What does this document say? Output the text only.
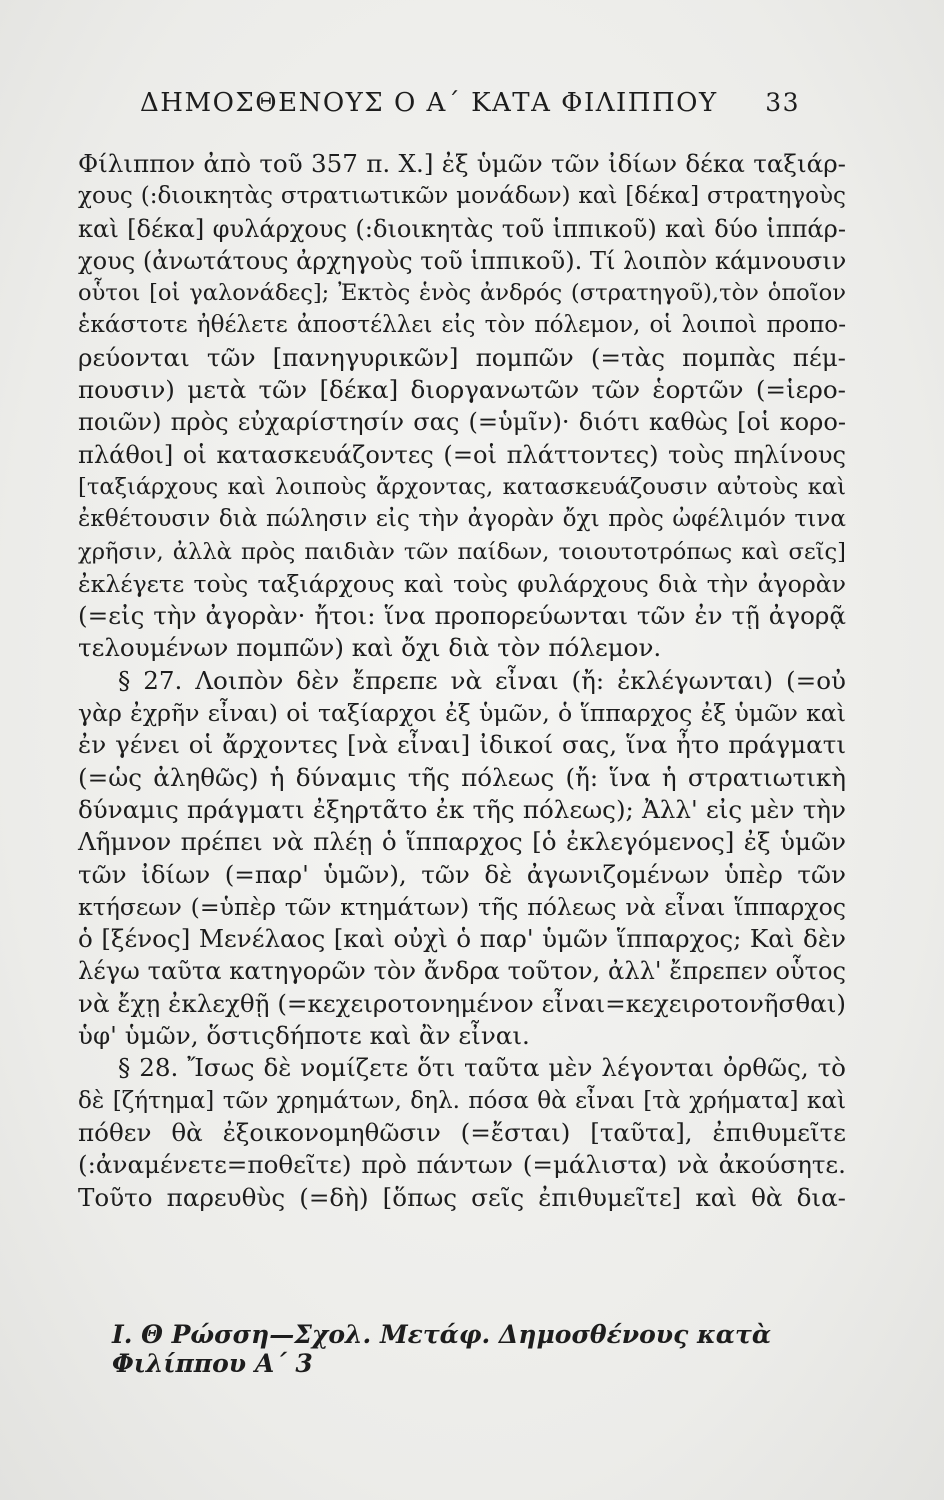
ΔΗΜΟΣΘΕΝΟΥΣ Ο Α΄ ΚΑΤΑ ΦΙΛΙΠΠΟΥ 33
Φίλιππον ἀπὸ τοῦ 357 π. Χ.] ἐξ ὑμῶν τῶν ἰδίων δέκα ταξιάρ-
χους (:διοικητὰς στρατιωτικῶν μονάδων) καὶ [δέκα] στρατηγοὺς
καὶ [δέκα] φυλάρχους (:διοικητὰς τοῦ ἱππικοῦ) καὶ δύο ἱππάρ-
χους (ἀνωτάτους ἀρχηγοὺς τοῦ ἱππικοῦ). Τί λοιπὸν κάμνουσιν
οὗτοι [οἱ γαλονάδες]; Ἐκτὸς ἑνὸς ἀνδρός (στρατηγοῦ),τὸν ὁποῖον
ἑκάστοτε ἠθέλετε ἀποστέλλει εἰς τὸν πόλεμον, οἱ λοιποὶ προπο-
ρεύονται τῶν [πανηγυρικῶν] πομπῶν (=τὰς πομπὰς πέμ-
πουσιν) μετὰ τῶν [δέκα] διοργανωτῶν τῶν ἑορτῶν (=ἱερο-
ποιῶν) πρὸς εὐχαρίστησίν σας (=ὑμῖν)· διότι καθὼς [οἱ κορο-
πλάθοι] οἱ κατασκευάζοντες (=οἱ πλάττοντες) τοὺς πηλίνους
[ταξιάρχους καὶ λοιποὺς ἄρχοντας, κατασκευάζουσιν αὐτοὺς καὶ
ἐκθέτουσιν διὰ πώλησιν εἰς τὴν ἀγορὰν ὄχι πρὸς ὠφέλιμόν τινα
χρῆσιν, ἀλλὰ πρὸς παιδιὰν τῶν παίδων, τοιουτοτρόπως καὶ σεῖς]
ἐκλέγετε τοὺς ταξιάρχους καὶ τοὺς φυλάρχους διὰ τὴν ἀγορὰν
(=εἰς τὴν ἀγορὰν· ἤτοι: ἵνα προπορεύωνται τῶν ἐν τῇ ἀγορᾷ
τελουμένων πομπῶν) καὶ ὄχι διὰ τὸν πόλεμον.
§ 27. Λοιπὸν δὲν ἔπρεπε νὰ εἶναι (ἤ: ἐκλέγωνται) (=οὐ
γὰρ ἐχρῆν εἶναι) οἱ ταξίαρχοι ἐξ ὑμῶν, ὁ ἵππαρχος ἐξ ὑμῶν καὶ
ἐν γένει οἱ ἄρχοντες [νὰ εἶναι] ἰδικοί σας, ἵνα ἦτο πράγματι
(=ὡς ἀληθῶς) ἡ δύναμις τῆς πόλεως (ἤ: ἵνα ἡ στρατιωτικὴ
δύναμις πράγματι ἐξηρτᾶτο ἐκ τῆς πόλεως); Ἀλλ' εἰς μὲν τὴν
Λῆμνον πρέπει νὰ πλέῃ ὁ ἵππαρχος [ὁ ἐκλεγόμενος] ἐξ ὑμῶν
τῶν ἰδίων (=παρ' ὑμῶν), τῶν δὲ ἀγωνιζομένων ὑπὲρ τῶν
κτήσεων (=ὑπὲρ τῶν κτημάτων) τῆς πόλεως νὰ εἶναι ἵππαρχος
ὁ [ξένος] Μενέλαος [καὶ οὐχὶ ὁ παρ' ὑμῶν ἵππαρχος; Καὶ δὲν
λέγω ταῦτα κατηγορῶν τὸν ἄνδρα τοῦτον, ἀλλ' ἔπρεπεν οὗτος
νὰ ἔχῃ ἐκλεχθῇ (=κεχειροτονημένον εἶναι=κεχειροτονῆσθαι)
ὑφ' ὑμῶν, ὅστιςδήποτε καὶ ἂν εἶναι.
§ 28. Ἴσως δὲ νομίζετε ὅτι ταῦτα μὲν λέγονται ὀρθῶς, τὸ
δὲ [ζήτημα] τῶν χρημάτων, δηλ. πόσα θὰ εἶναι [τὰ χρήματα] καὶ
πόθεν θὰ ἐξοικονομηθῶσιν (=ἔσται) [ταῦτα], ἐπιθυμεῖτε
(:ἀναμένετε=ποθεῖτε) πρὸ πάντων (=μάλιστα) νὰ ἀκούσητε.
Τοῦτο παρευθὺς (=δὴ) [ὅπως σεῖς ἐπιθυμεῖτε] καὶ θὰ δια-
Ι. Θ Ρώσση—Σχολ. Μετάφ. Δημοσθένους κατὰ Φιλίππου Α΄ 3
